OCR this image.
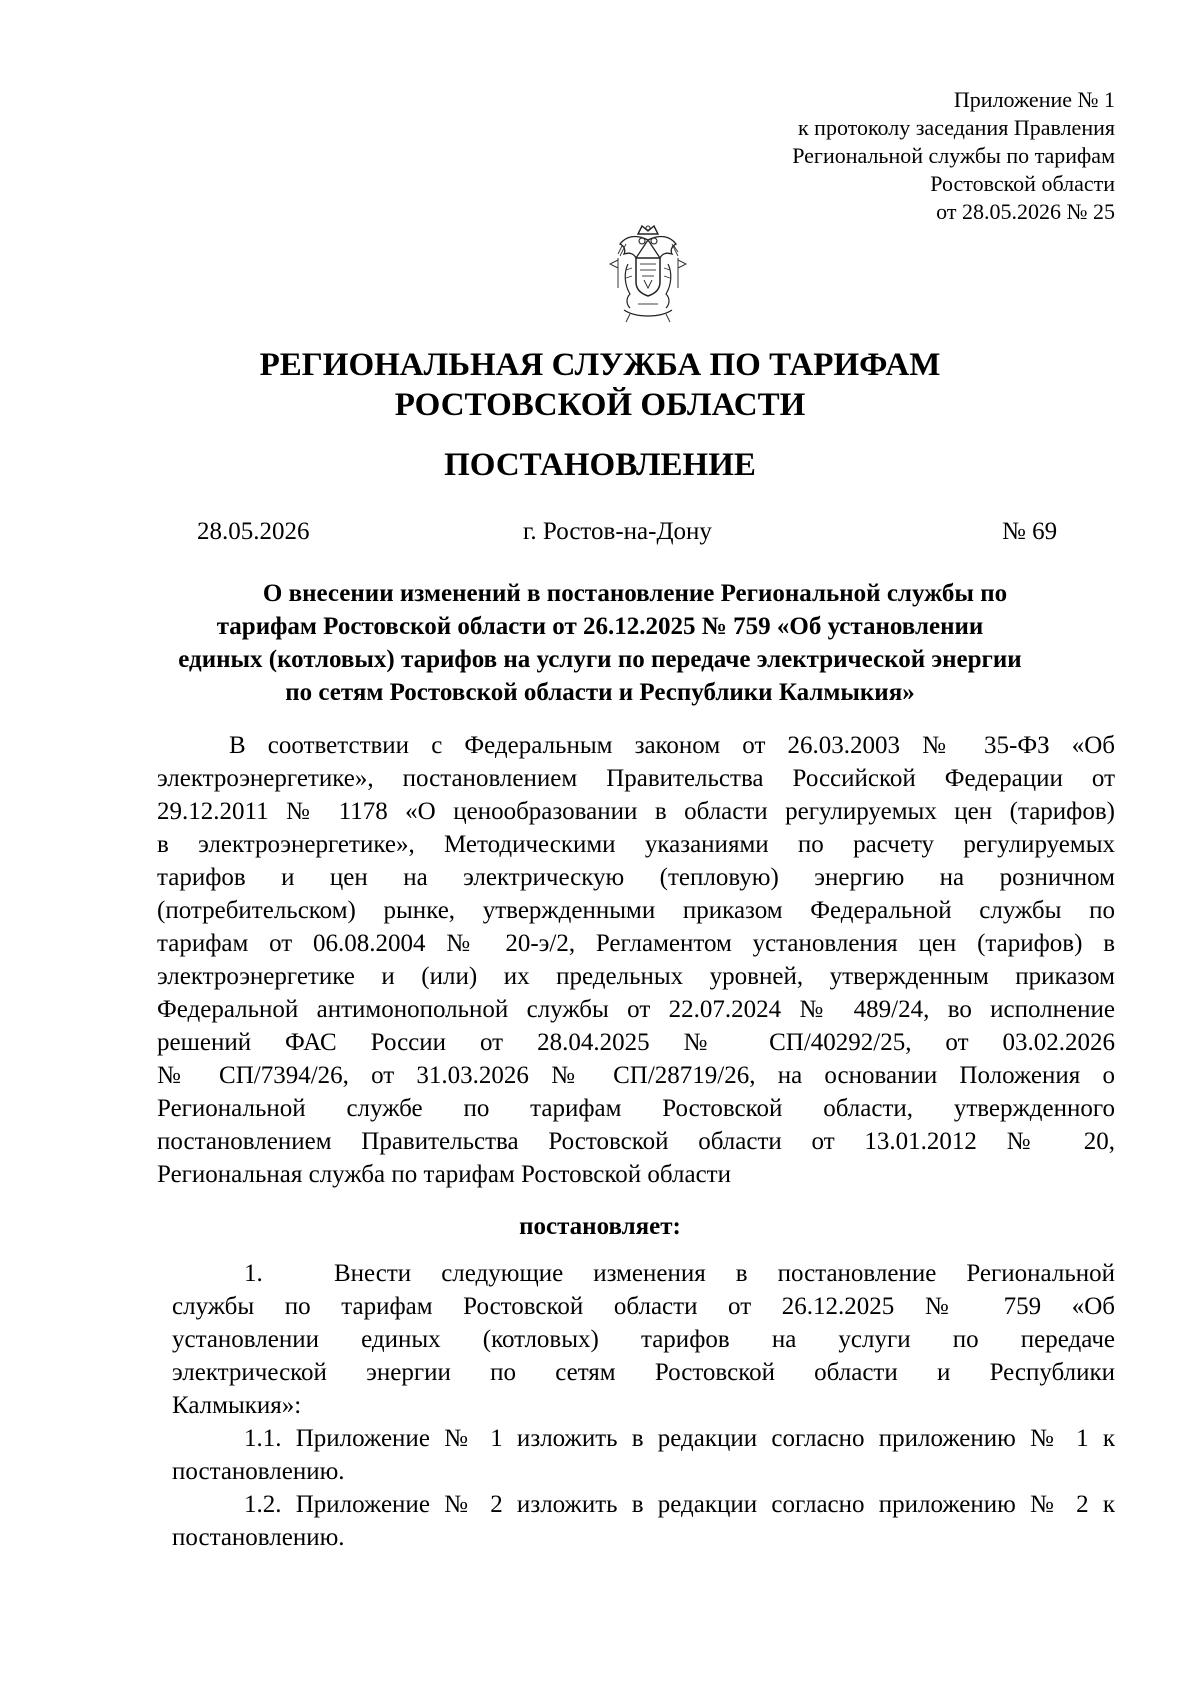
Приложение № 1
к протоколу заседания Правления
Региональной службы по тарифам
Ростовской области
от 28.05.2026 № 25
РЕГИОНАЛЬНАЯ СЛУЖБА ПО ТАРИФАМ
РОСТОВСКОЙ ОБЛАСТИ
ПОСТАНОВЛЕНИЕ
28.05.2026	г. Ростов-на-Дону	№ 69
О внесении изменений в постановление Региональной службы по
тарифам Ростовской области от 26.12.2025 № 759 «Об установлении
единых (котловых) тарифов на услуги по передаче электрической энергии
по сетям Ростовской области и Республики Калмыкия»
В соответствии с Федеральным законом от 26.03.2003 № 35-ФЗ «Об
электроэнергетике», постановлением Правительства Российской Федерации от
29.12.2011 № 1178 «О ценообразовании в области регулируемых цен (тарифов)
в электроэнергетике», Методическими указаниями по расчету регулируемых
тарифов и цен на электрическую (тепловую) энергию на розничном
(потребительском) рынке, утвержденными приказом Федеральной службы по
тарифам от 06.08.2004 № 20-э/2, Регламентом установления цен (тарифов) в
электроэнергетике и (или) их предельных уровней, утвержденным приказом
Федеральной антимонопольной службы от 22.07.2024 № 489/24, во исполнение
решений ФАС России от 28.04.2025 № СП/40292/25, от 03.02.2026
№ СП/7394/26, от 31.03.2026 № СП/28719/26, на основании Положения о
Региональной службе по тарифам Ростовской области, утвержденного
постановлением Правительства Ростовской области от 13.01.2012 № 20,
Региональная служба по тарифам Ростовской области
постановляет:
1.	Внести следующие изменения в постановление Региональной
службы по тарифам Ростовской области от 26.12.2025 № 759 «Об
установлении единых (котловых) тарифов на услуги по передаче
электрической энергии по сетям Ростовской области и Республики
Калмыкия»:
1.1. Приложение № 1 изложить в редакции согласно приложению № 1 к
постановлению.
1.2. Приложение № 2 изложить в редакции согласно приложению № 2 к
постановлению.
